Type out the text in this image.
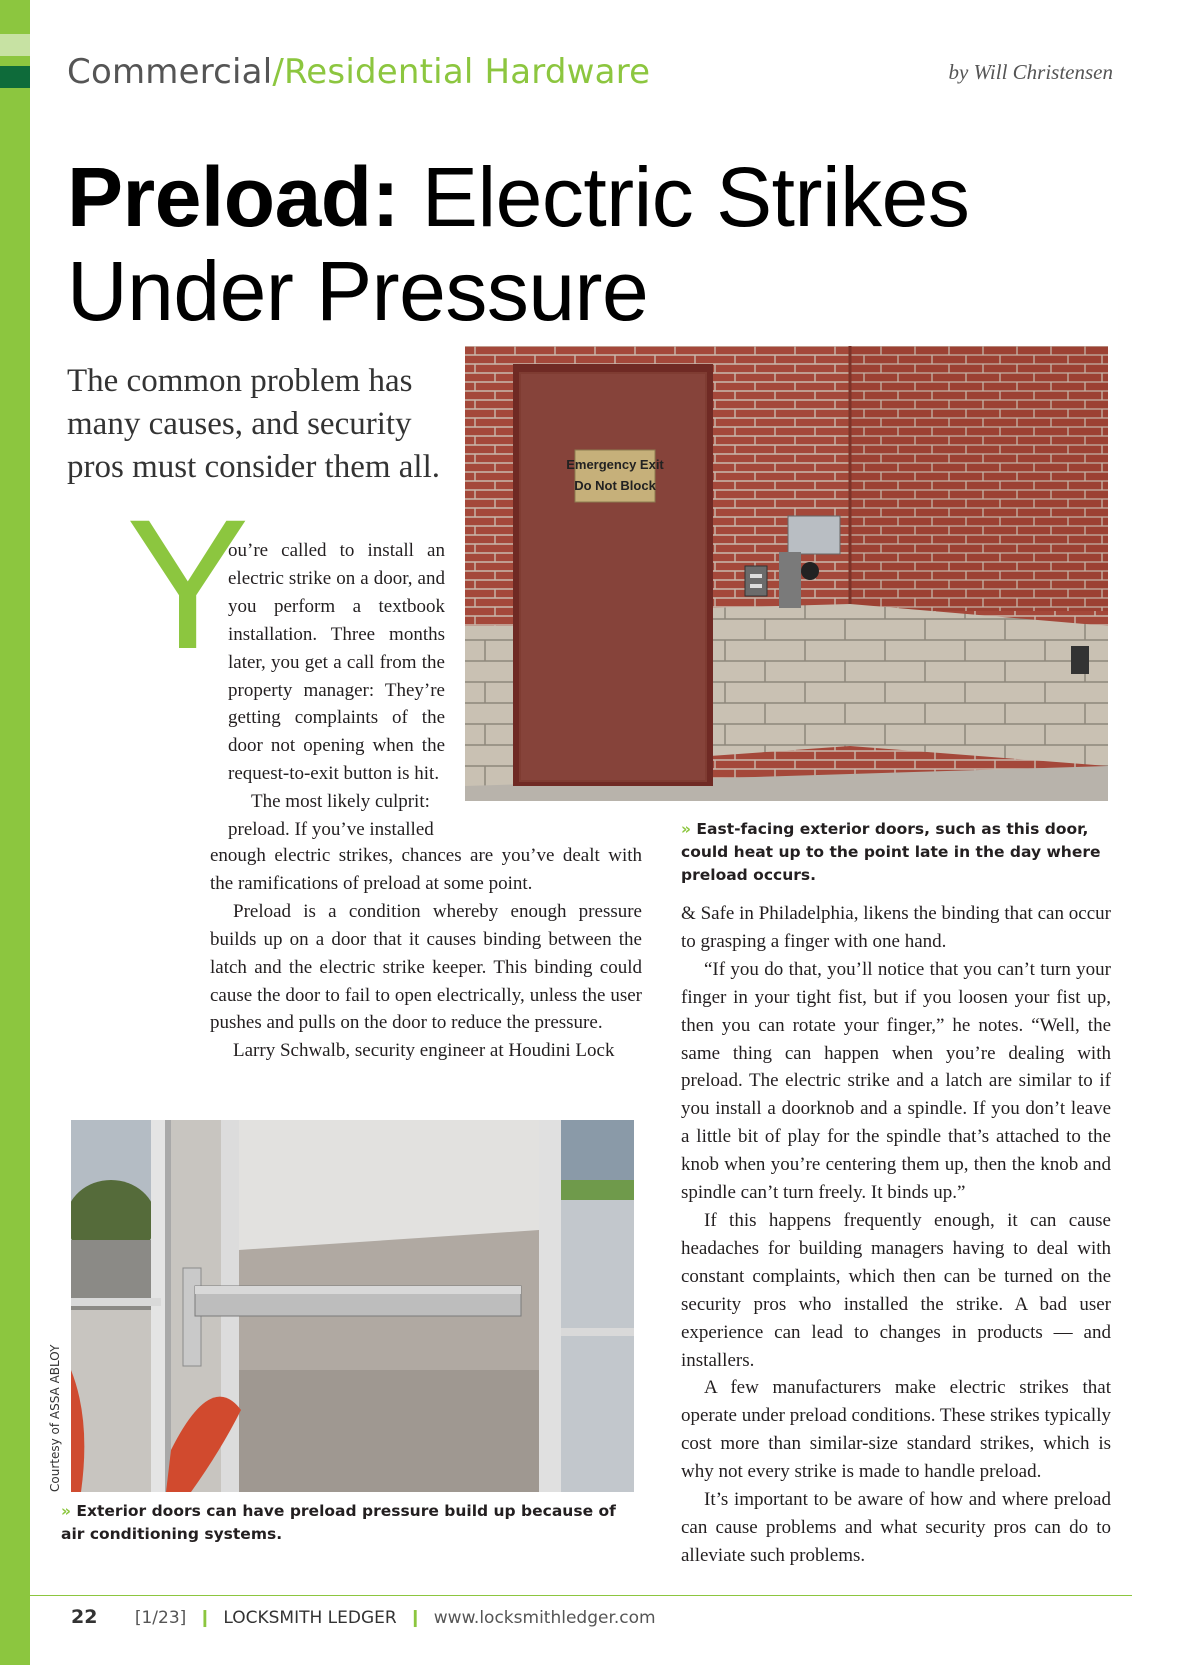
Commercial/Residential Hardware	by Will Christensen
Preload: Electric Strikes
Under Pressure
The common problem has many causes, and security pros must consider them all.	Emergency Exit
Do Not Block
» East-facing exterior doors, such as this door, could heat up to the point late in the day where preload occurs.
Courtesy of ASSA ABLOY
» Exterior doors can have preload pressure build up because of air conditioning systems.
Y

ou’re called to install an electric strike on a door, and you perform a textbook installation. Three months later, you get a call from the property manager: They’re getting complaints of the door not opening when the request-to-exit button is hit.

The most likely culprit: preload. If you’ve installed

enough electric strikes, chances are you’ve dealt with the ramifications of preload at some point.

Preload is a condition whereby enough pressure builds up on a door that it causes binding between the latch and the electric strike keeper. This binding could cause the door to fail to open electrically, unless the user pushes and pulls on the door to reduce the pressure.

Larry Schwalb, security engineer at Houdini Lock

& Safe in Philadelphia, likens the binding that can occur to grasping a finger with one hand.

“If you do that, you’ll notice that you can’t turn your finger in your tight fist, but if you loosen your fist up, then you can rotate your finger,” he notes. “Well, the same thing can happen when you’re dealing with preload. The electric strike and a latch are similar to if you install a doorknob and a spindle. If you don’t leave a little bit of play for the spindle that’s attached to the knob when you’re centering them up, then the knob and spindle can’t turn freely. It binds up.”

If this happens frequently enough, it can cause headaches for building managers having to deal with constant complaints, which then can be turned on the security pros who installed the strike. A bad user experience can lead to changes in products — and installers.

A few manufacturers make electric strikes that operate under preload conditions. These strikes typically cost more than similar-size standard strikes, which is why not every strike is made to handle preload.

It’s important to be aware of how and where preload can cause problems and what security pros can do to alleviate such problems.

22 [1/23] ❙ LOCKSMITH LEDGER ❙ www.locksmithledger.com
